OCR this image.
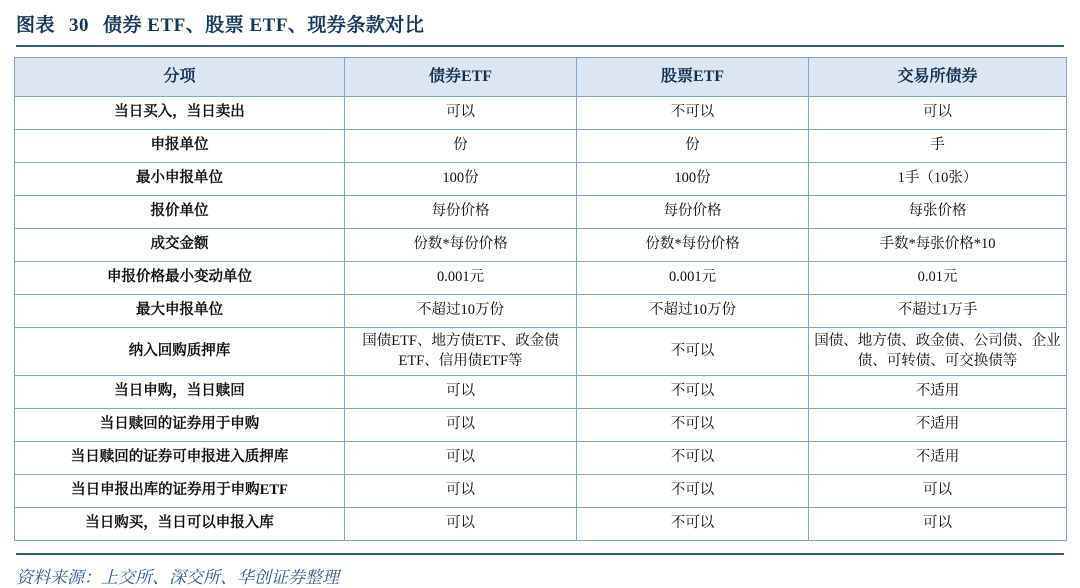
图表 30 债券 ETF、股票 ETF、现券条款对比
分项	债券ETF	股票ETF	交易所债券
当日买入，当日卖出	可以	不可以	可以
申报单位	份	份	手
最小申报单位	100份	100份	1手（10张）
报价单位	每份价格	每份价格	每张价格
成交金额	份数*每份价格	份数*每份价格	手数*每张价格*10
申报价格最小变动单位	0.001元	0.001元	0.01元
最大申报单位	不超过10万份	不超过10万份	不超过1万手
纳入回购质押库	国债ETF、地方债ETF、政金债ETF、信用债ETF等	不可以	国债、地方债、政金债、公司债、企业债、可转债、可交换债等
当日申购，当日赎回	可以	不可以	不适用
当日赎回的证券用于申购	可以	不可以	不适用
当日赎回的证券可申报进入质押库	可以	不可以	不适用
当日申报出库的证券用于申购ETF	可以	不可以	可以
当日购买，当日可以申报入库	可以	不可以	可以
资料来源：上交所、深交所、华创证券整理
